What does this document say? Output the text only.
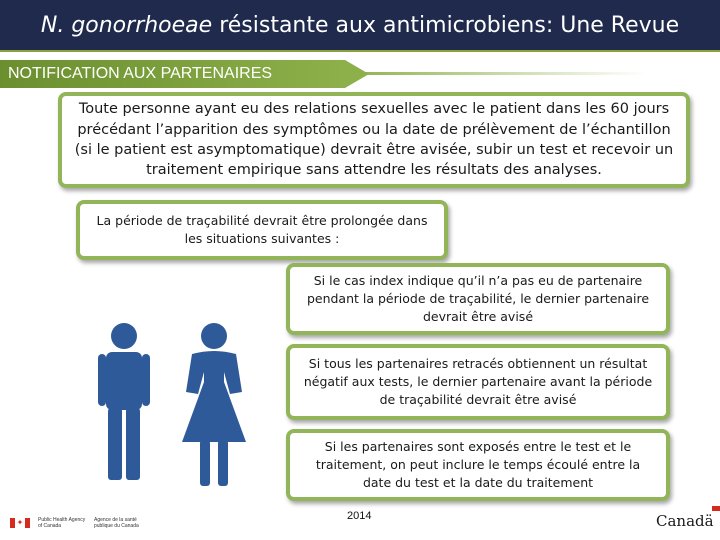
N. gonorrhoeae résistante aux antimicrobiens: Une Revue
NOTIFICATION AUX PARTENAIRES
Toute personne ayant eu des relations sexuelles avec le patient dans les 60 jours précédant l’apparition des symptômes ou la date de prélèvement de l’échantillon (si le patient est asymptomatique) devrait être avisée, subir un test et recevoir un traitement empirique sans attendre les résultats des analyses.
La période de traçabilité devrait être prolongée dans les situations suivantes :
Si le cas index indique qu’il n’a pas eu de partenaire pendant la période de traçabilité, le dernier partenaire devrait être avisé
Si tous les partenaires retracés obtiennent un résultat négatif aux tests, le dernier partenaire avant la période de traçabilité devrait être avisé
Si les partenaires sont exposés entre le test et le traitement, on peut inclure le temps écoulé entre la date du test et la date du traitement
✦	Public Health Agency of Canada
Agence de la santé publique du Canada
2014	Canadä
